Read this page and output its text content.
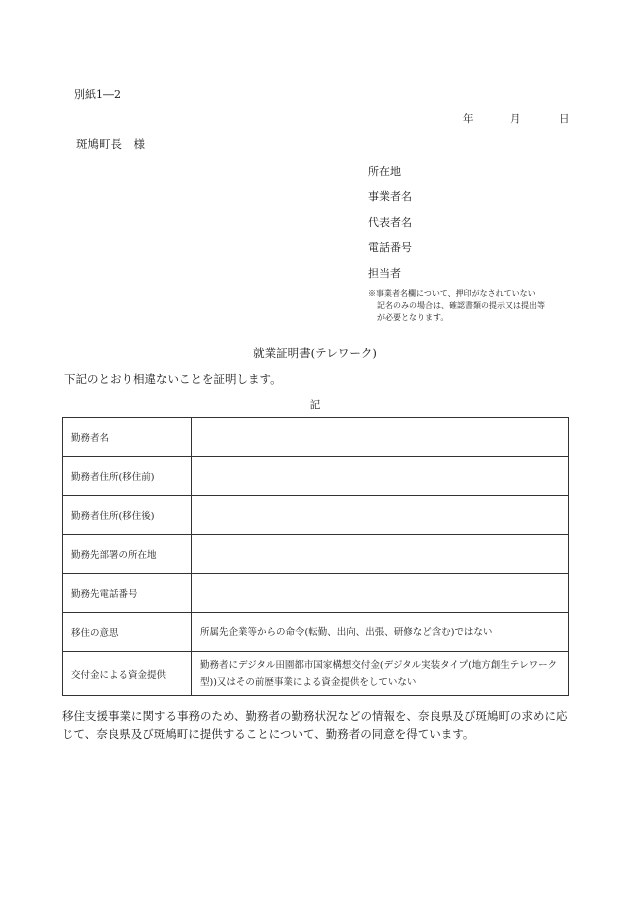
別紙1―2
年	月	日
斑鳩町長　様
所在地
事業者名
代表者名
電話番号
担当者
※事業者名欄について、押印がなされていない
記名のみの場合は、確認書類の提示又は提出等
が必要となります。
就業証明書(テレワーク)
下記のとおり相違ないことを証明します。
記
勤務者名	
勤務者住所(移住前)	
勤務者住所(移住後)	
勤務先部署の所在地	
勤務先電話番号	
移住の意思	所属先企業等からの命令(転勤、出向、出張、研修など含む)ではない
交付金による資金提供	勤務者にデジタル田園都市国家構想交付金(デジタル実装タイプ(地方創生テレワーク型))又はその前歴事業による資金提供をしていない
移住支援事業に関する事務のため、勤務者の勤務状況などの情報を、奈良県及び斑鳩町の求めに応じて、奈良県及び斑鳩町に提供することについて、勤務者の同意を得ています。
